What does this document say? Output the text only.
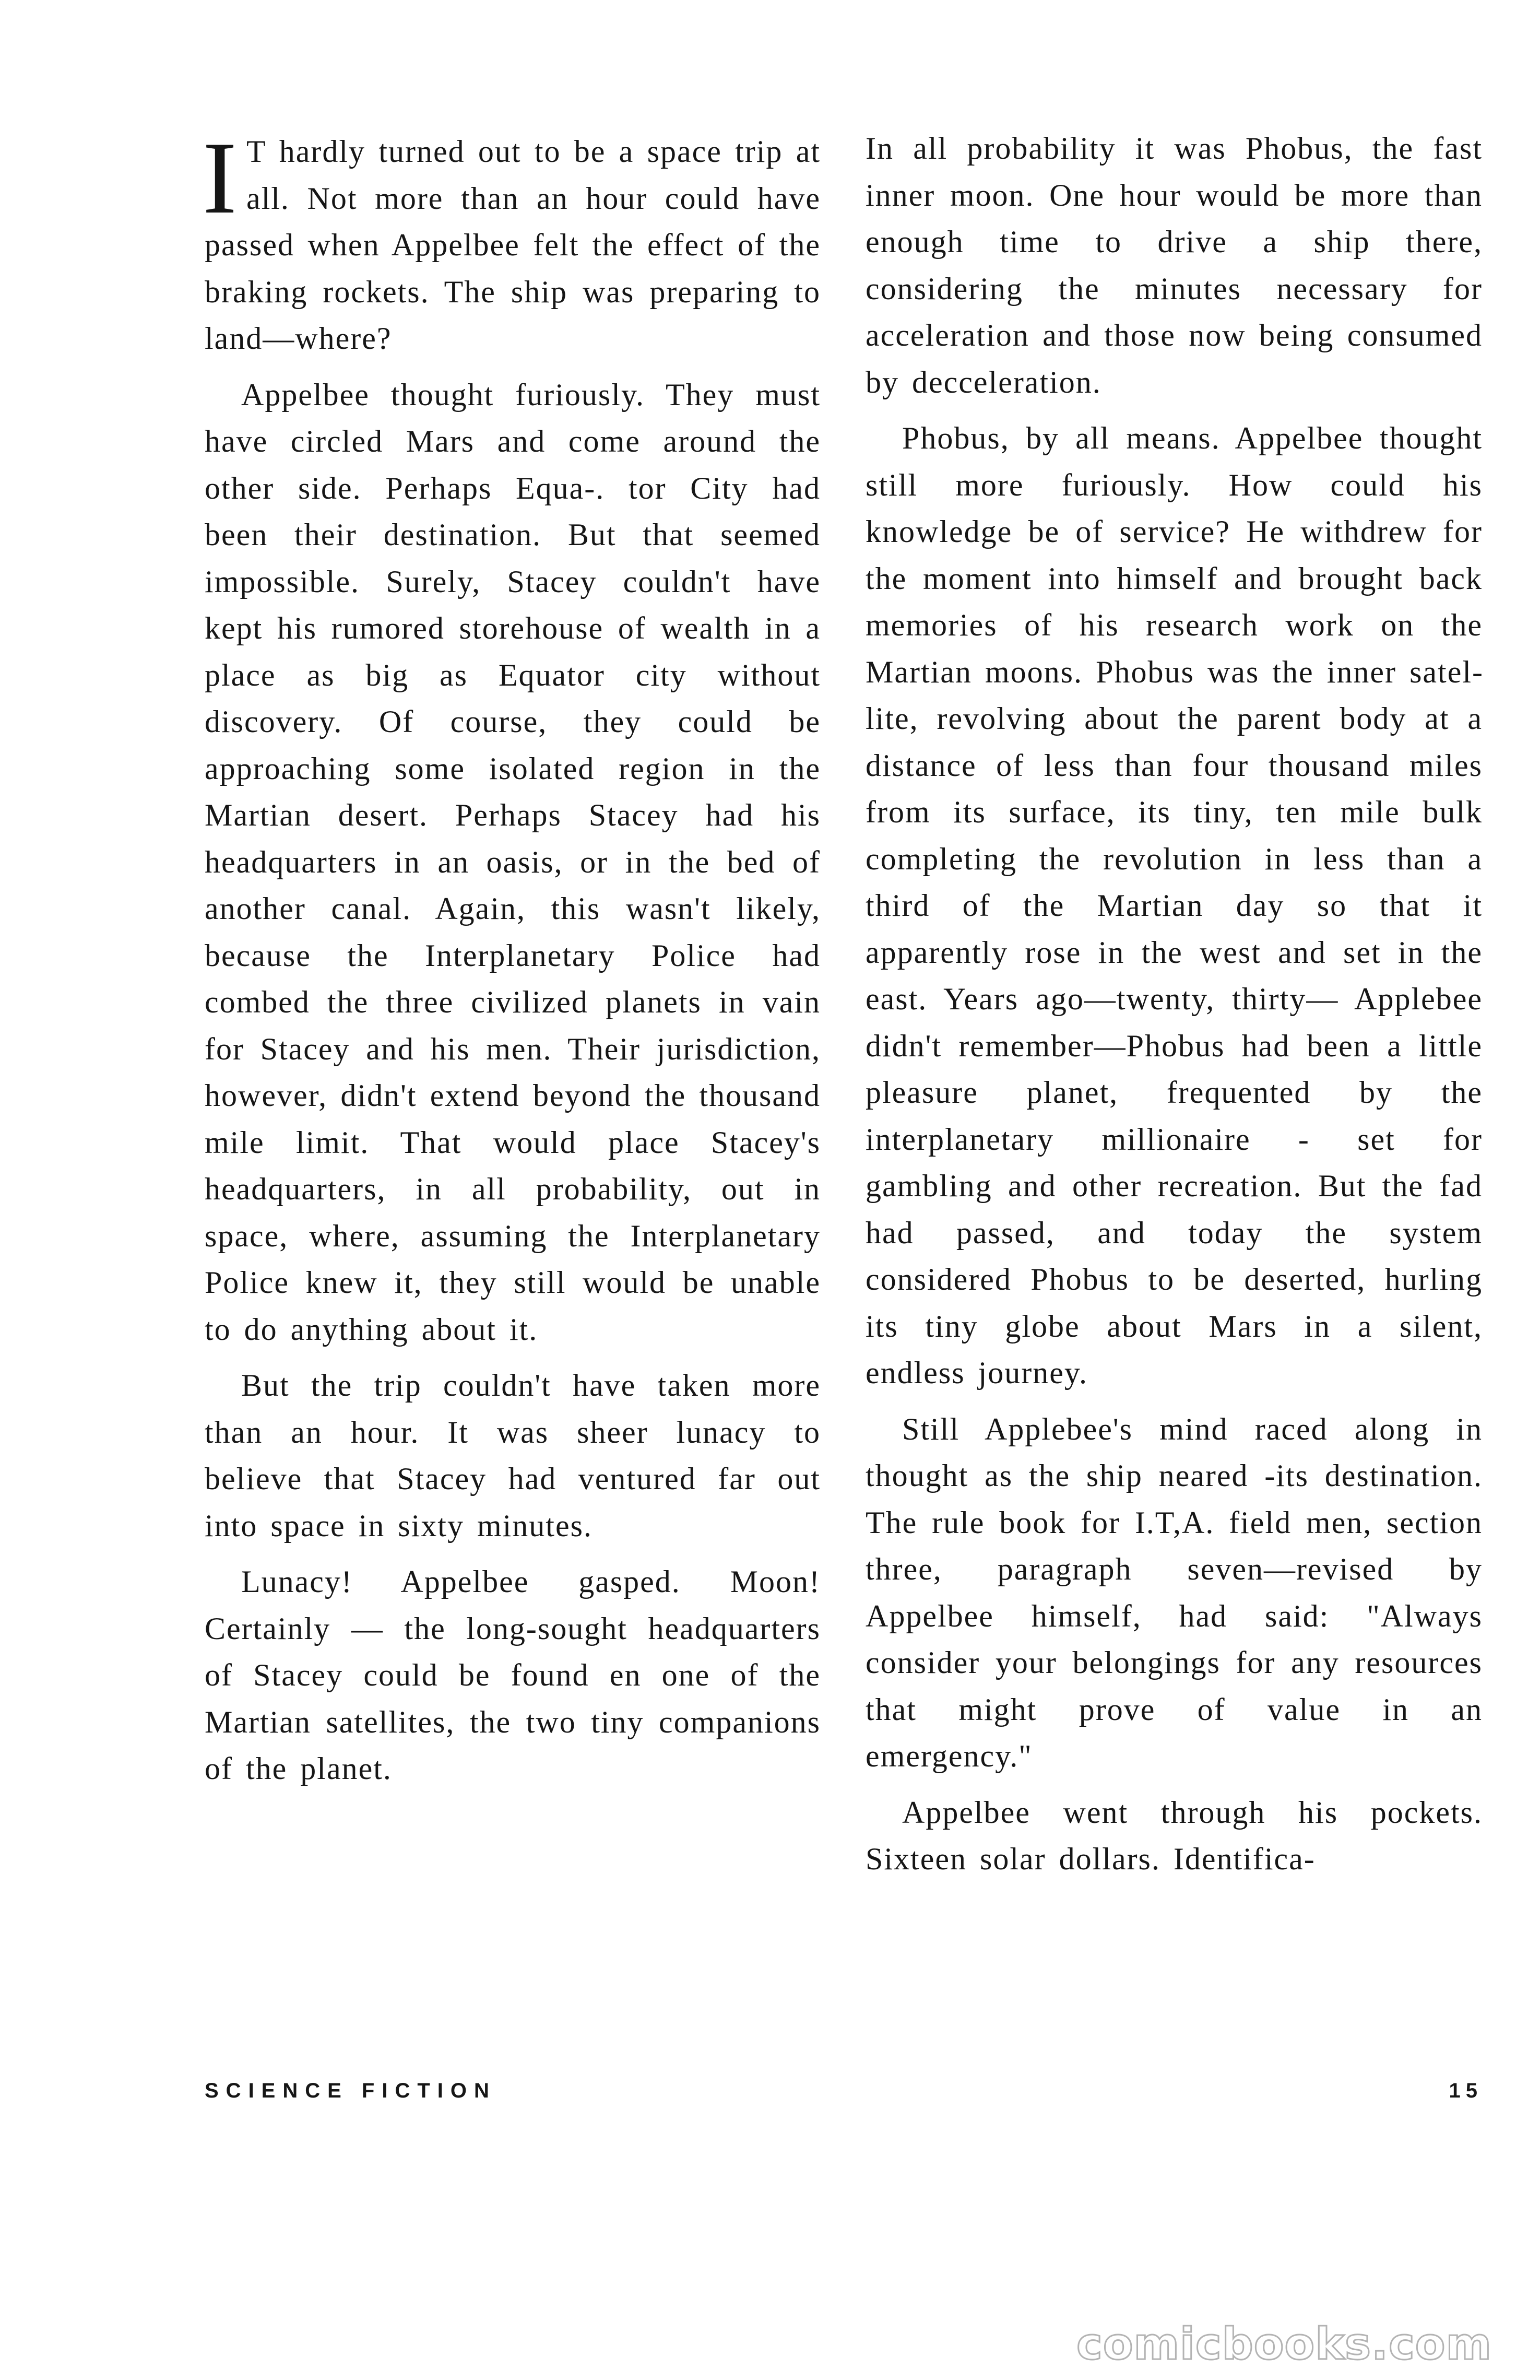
I T hardly turned out to be a space trip at all. Not more than an hour could have passed when Appelbee felt the effect of the braking rockets. The ship was preparing to land—where?

Appelbee thought furiously. They must have circled Mars and come around the other side. Perhaps Equa-. tor City had been their destination. But that seemed impossible. Surely, Stacey couldn't have kept his rumored storehouse of wealth in a place as big as Equator city without discovery. Of course, they could be approaching some isolated region in the Martian desert. Perhaps Stacey had his headquarters in an oasis, or in the bed of another canal. Again, this wasn't likely, because the Interplanetary Police had combed the three civilized planets in vain for Stacey and his men. Their jurisdiction, however, didn't extend beyond the thousand mile limit. That would place Stacey's headquarters, in all probability, out in space, where, assuming the Interplanetary Police knew it, they still would be unable to do anything about it.

But the trip couldn't have taken more than an hour. It was sheer lunacy to believe that Stacey had ventured far out into space in sixty minutes.

Lunacy! Appelbee gasped. Moon! Certainly — the long-sought headquarters of Stacey could be found en one of the Martian satellites, the two tiny companions of the planet.

In all probability it was Phobus, the fast inner moon. One hour would be more than enough time to drive a ship there, considering the minutes necessary for acceleration and those now being consumed by decceleration.

Phobus, by all means. Appelbee thought still more furiously. How could his knowledge be of service? He withdrew for the moment into himself and brought back memories of his research work on the Martian moons. Phobus was the inner satellite, revolving about the parent body at a distance of less than four thousand miles from its surface, its tiny, ten mile bulk completing the revolution in less than a third of the Martian day so that it apparently rose in the west and set in the east. Years ago—twenty, thirty— Applebee didn't remember—Phobus had been a little pleasure planet, frequented by the interplanetary millionaire - set for gambling and other recreation. But the fad had passed, and today the system considered Phobus to be deserted, hurling its tiny globe about Mars in a silent, endless journey.

Still Applebee's mind raced along in thought as the ship neared -its destination. The rule book for I.T,A. field men, section three, paragraph seven—revised by Appelbee himself, had said: "Always consider your belongings for any resources that might prove of value in an emergency."

Appelbee went through his pockets. Sixteen solar dollars. Identifica-

SCIENCE FICTION	15
comicbooks.com
